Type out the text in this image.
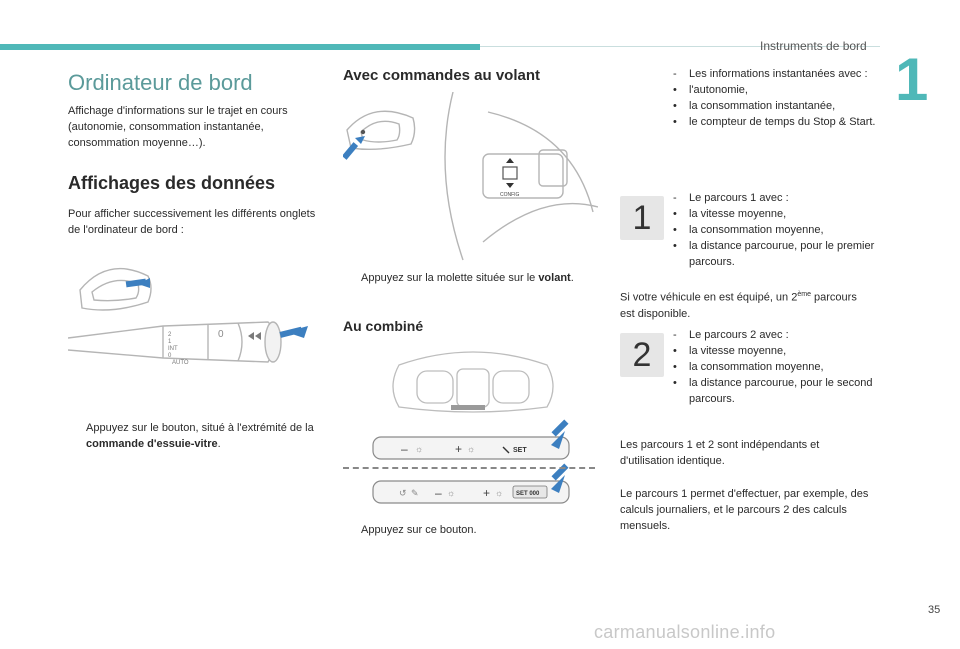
Instruments de bord 1
Ordinateur de bord

Affichage d'informations sur le trajet en cours (autonomie, consommation instantanée, consommation moyenne…).

Affichages des données

Pour afficher successivement les différents onglets de l'ordinateur de bord :

2
1
INT
0
AUTO
0
Appuyez sur le bouton, situé à l'extrémité de la commande d'essuie-vitre.
Avec commandes au volant
CONFIG
Appuyez sur la molette située sur le volant.
Au combiné
– ☼	+ ☼	SET
↺ ✎ – ☼ + ☼ SET 000
Appuyez sur ce bouton.
-	Les informations instantanées avec :
•	l'autonomie,
•	la consommation instantanée,
•	le compteur de temps du Stop & Start.
1
-	Le parcours 1 avec :
•	la vitesse moyenne,
•	la consommation moyenne,
•	la distance parcourue, pour le premier parcours.

Si votre véhicule en est équipé, un 2ème parcours est disponible.

2
-	Le parcours 2 avec :
•	la vitesse moyenne,
•	la consommation moyenne,
•	la distance parcourue, pour le second parcours.

Les parcours 1 et 2 sont indépendants et d'utilisation identique.

Le parcours 1 permet d'effectuer, par exemple, des calculs journaliers, et le parcours 2 des calculs mensuels.

35
carmanualsonline.info
